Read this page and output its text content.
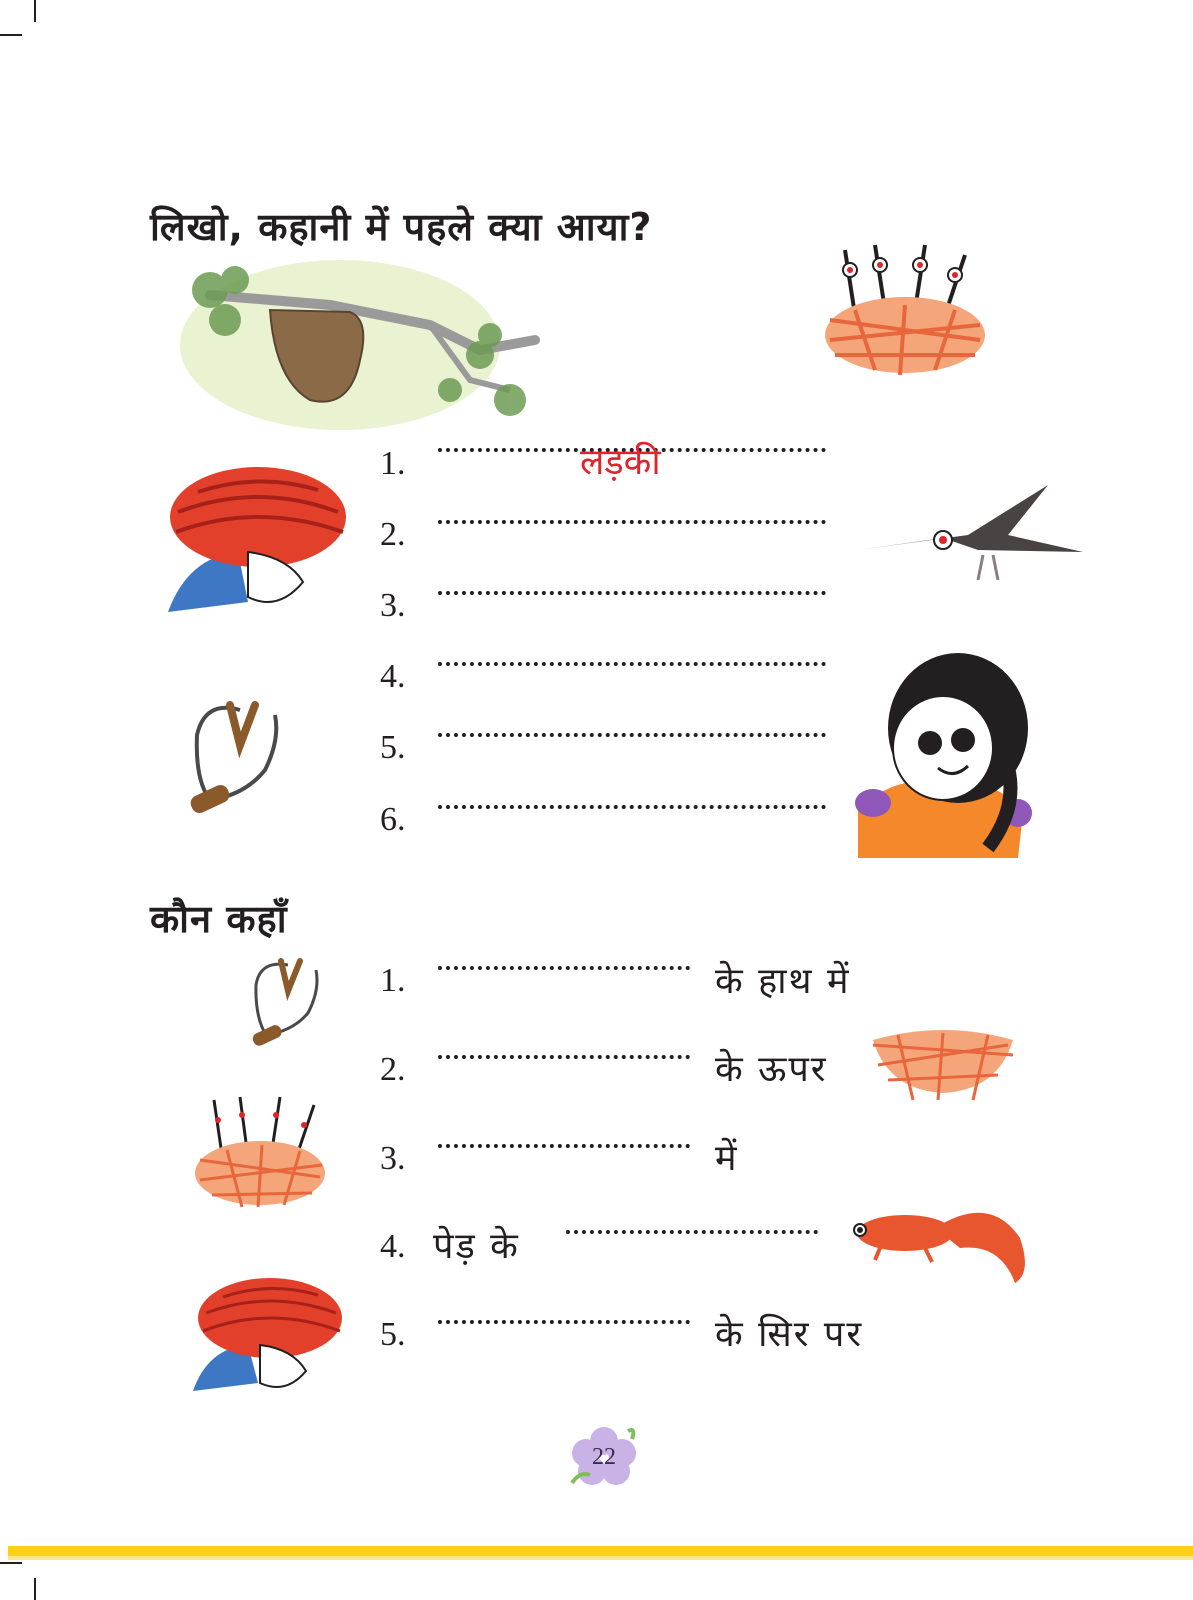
लिखो, कहानी में पहले क्या आया?
1.	लड़की
2.
3.
4.
5.
6.
कौन कहाँ
1.	के हाथ में
2.	के ऊपर
3.	में
4. पेड़ के
5.	के सिर पर
22
